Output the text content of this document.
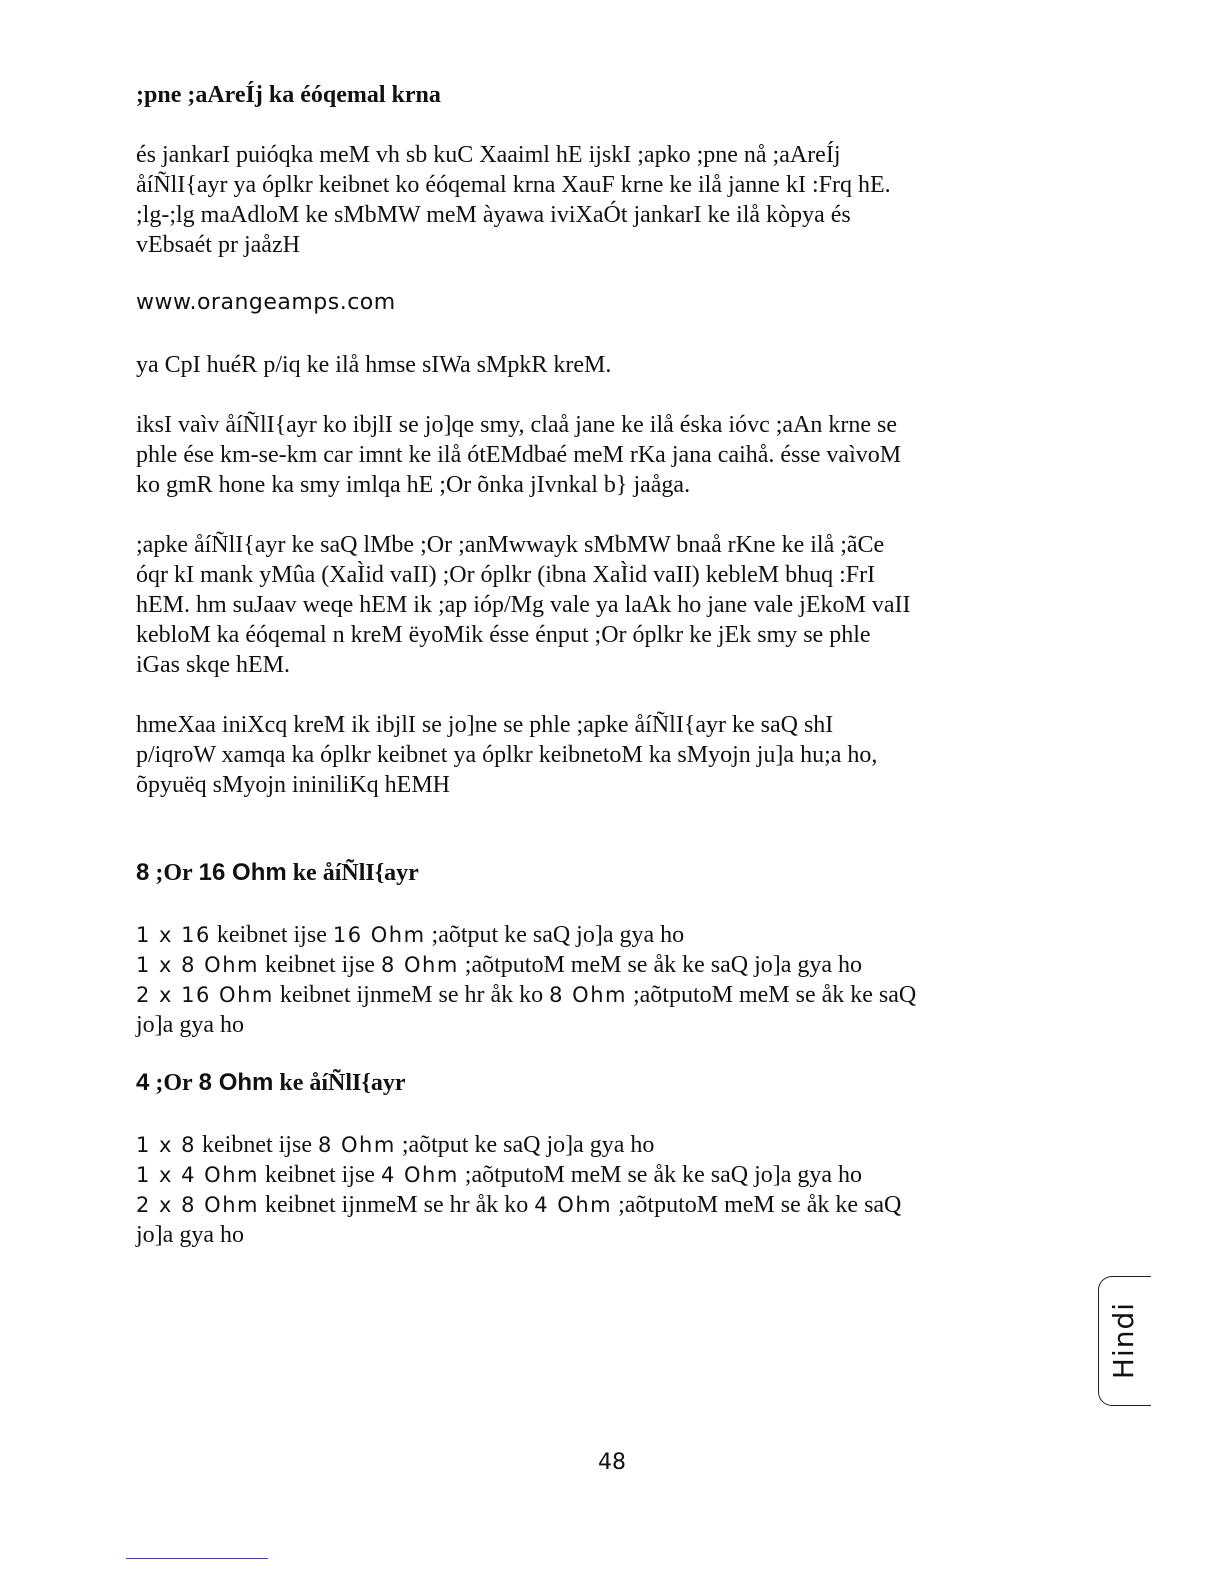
;pne ;aAreÍj ka éóqemal krna

és jankarI puióqka meM vh sb kuC Xaaiml hE ijskI ;apko ;pne nå ;aAreÍj
åíÑlI{ayr ya óplkr keibnet ko éóqemal krna XauF krne ke ilå janne kI :Frq hE.
;lg-;lg maAdloM ke sMbMW meM àyawa iviXaÓt jankarI ke ilå kòpya és
vEbsaét pr jaåzH

www.orangeamps.com

ya CpI huéR p/iq ke ilå hmse sIWa sMpkR kreM.

iksI vaìv åíÑlI{ayr ko ibjlI se jo]qe smy, claå jane ke ilå éska ióvc ;aAn krne se
phle ése km-se-km car imnt ke ilå ótEMdbaé meM rKa jana caihå. ésse vaìvoM
ko gmR hone ka smy imlqa hE ;Or õnka jIvnkal b} jaåga.

;apke åíÑlI{ayr ke saQ lMbe ;Or ;anMwwayk sMbMW bnaå rKne ke ilå ;ãCe
óqr kI mank yMûa (XaÌid vaII) ;Or óplkr (ibna XaÌid vaII) kebleM bhuq :FrI
hEM. hm suJaav weqe hEM ik ;ap ióp/Mg vale ya laAk ho jane vale jEkoM vaII
kebloM ka éóqemal n kreM ëyoMik ésse énput ;Or óplkr ke jEk smy se phle
iGas skqe hEM.

hmeXaa iniXcq kreM ik ibjlI se jo]ne se phle ;apke åíÑlI{ayr ke saQ shI
p/iqroW xamqa ka óplkr keibnet ya óplkr keibnetoM ka sMyojn ju]a hu;a ho,
õpyuëq sMyojn ininiliKq hEMH

8 ;Or 16 Ohm ke åíÑlI{ayr
1 x 16 keibnet ijse 16 Ohm ;aõtput ke saQ jo]a gya ho
1 x 8 Ohm keibnet ijse 8 Ohm ;aõtputoM meM se åk ke saQ jo]a gya ho
2 x 16 Ohm keibnet ijnmeM se hr åk ko 8 Ohm ;aõtputoM meM se åk ke saQ
jo]a gya ho
4 ;Or 8 Ohm ke åíÑlI{ayr
1 x 8 keibnet ijse 8 Ohm ;aõtput ke saQ jo]a gya ho
1 x 4 Ohm keibnet ijse 4 Ohm ;aõtputoM meM se åk ke saQ jo]a gya ho
2 x 8 Ohm keibnet ijnmeM se hr åk ko 4 Ohm ;aõtputoM meM se åk ke saQ
jo]a gya ho
Hindi
48
